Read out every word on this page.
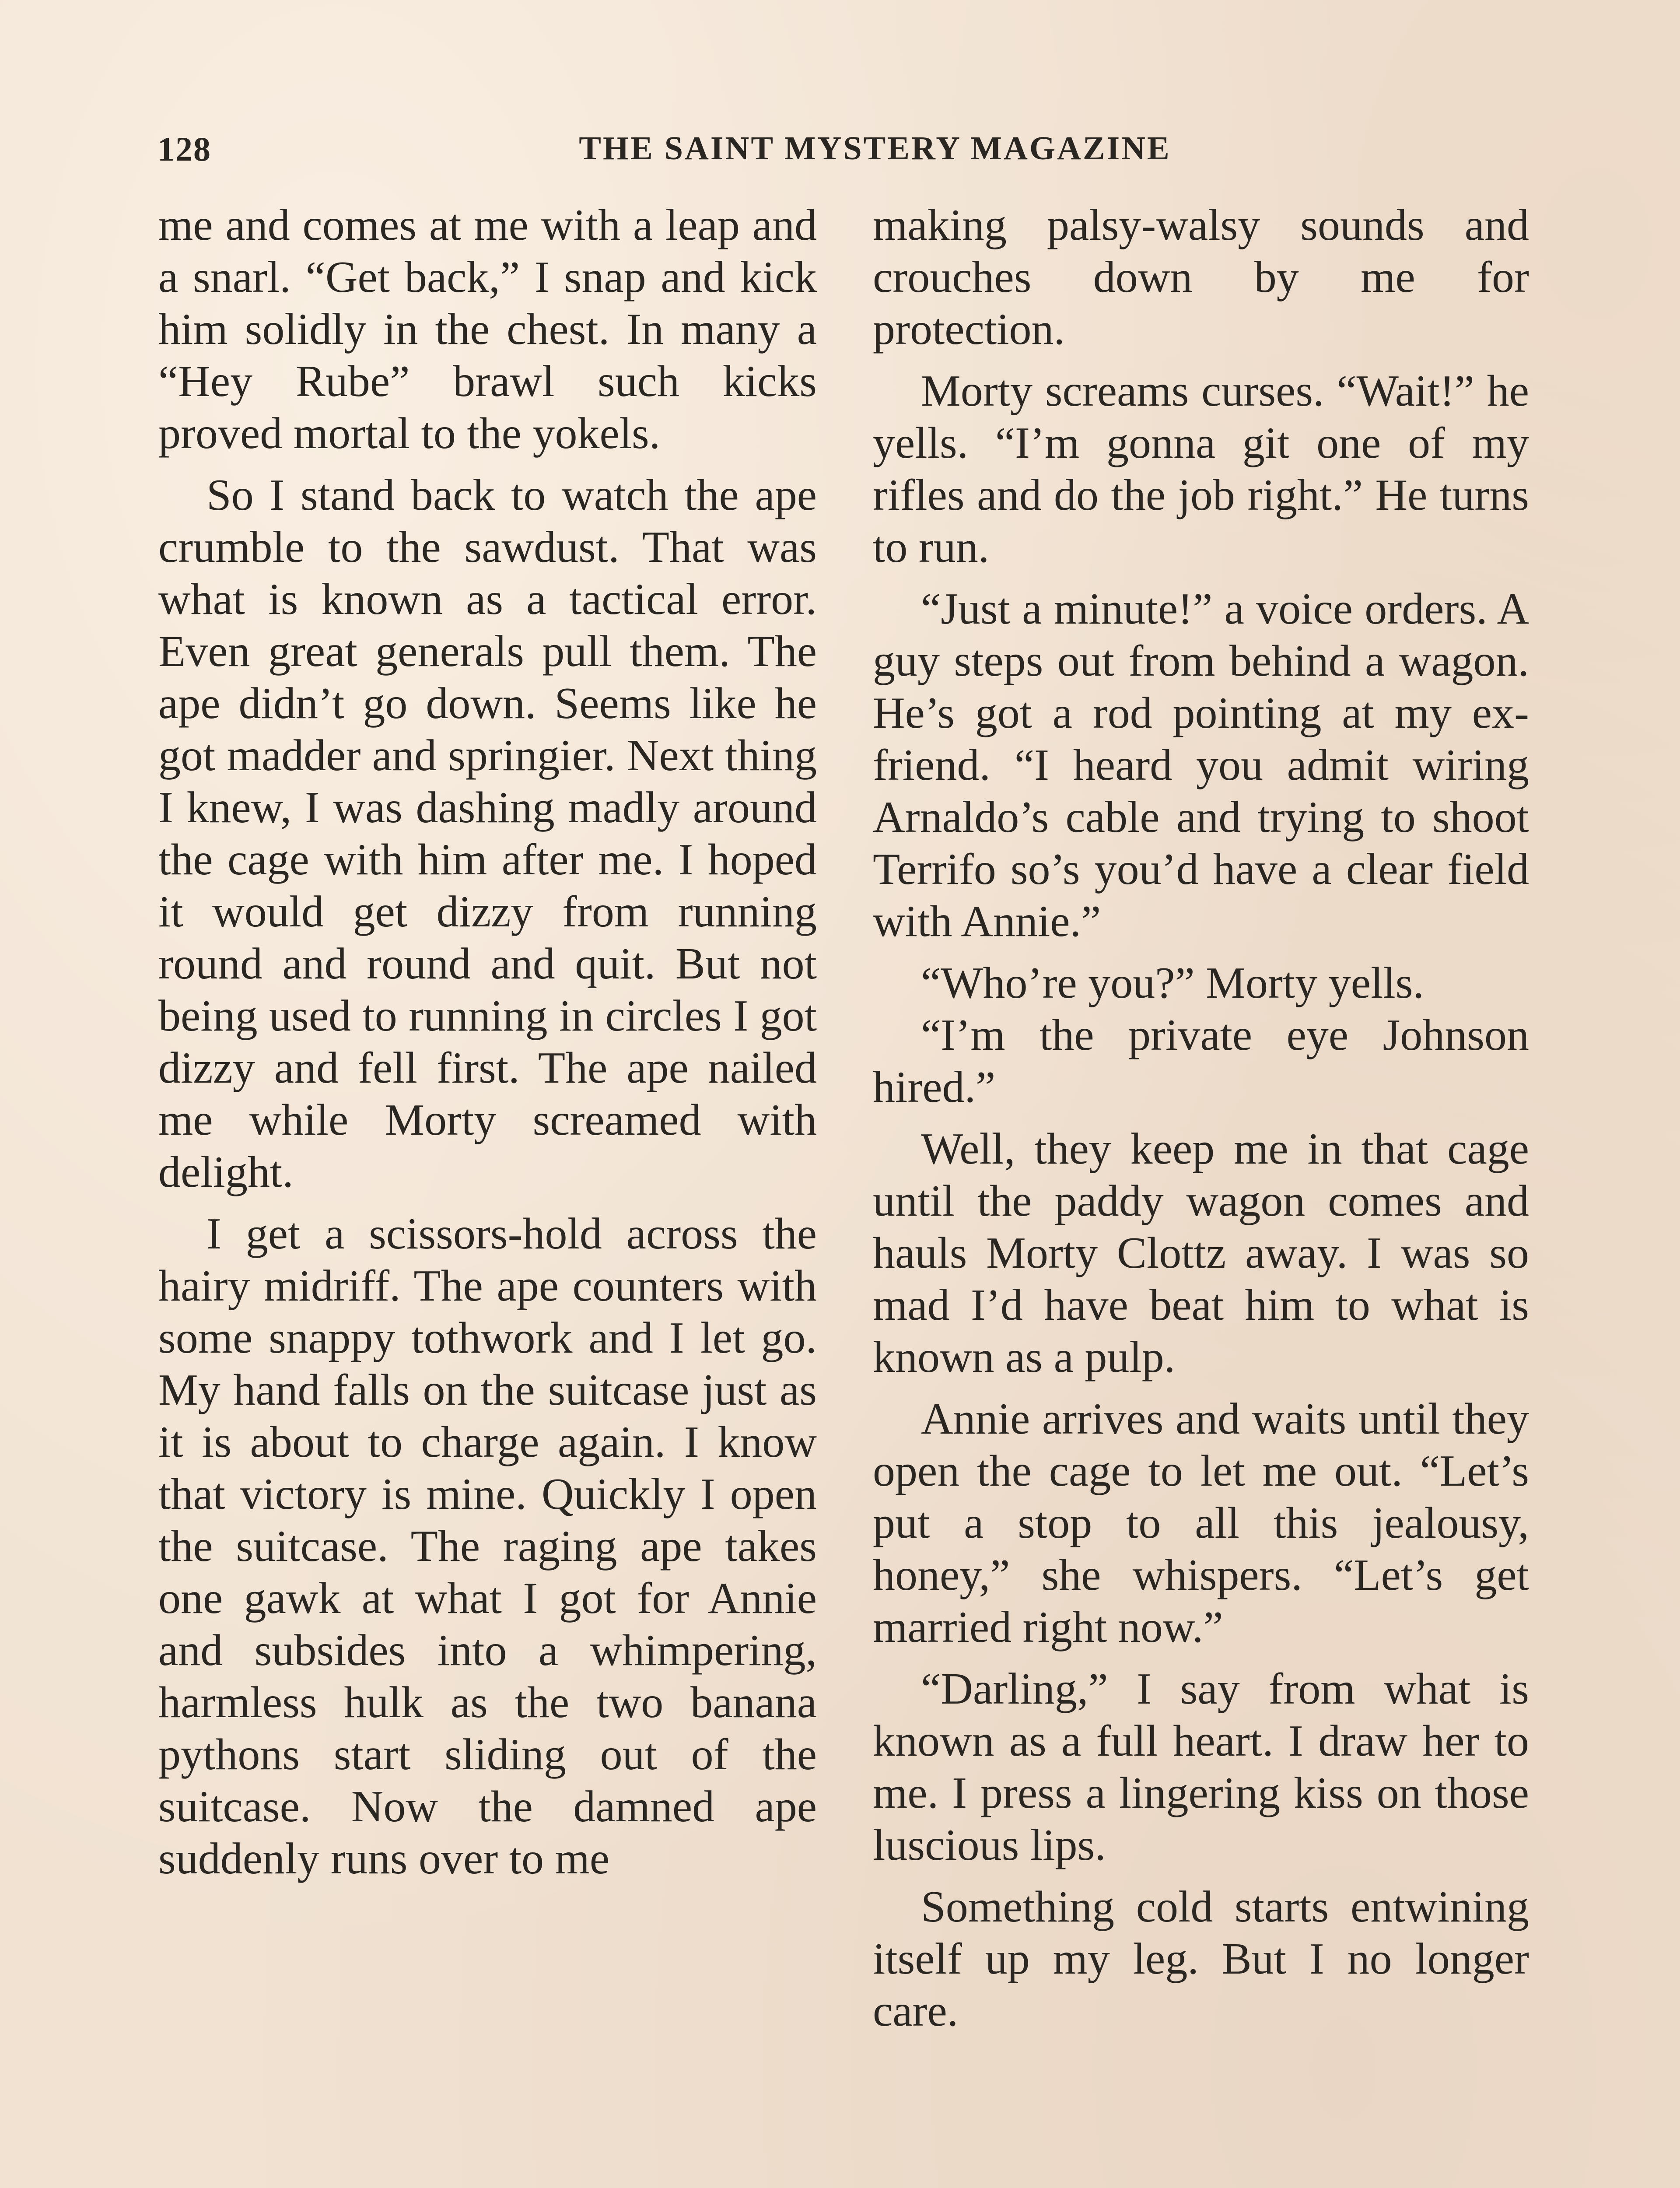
128	THE SAINT MYSTERY MAGAZINE

me and comes at me with a leap and a snarl. “Get back,” I snap and kick him solidly in the chest. In many a “Hey Rube” brawl such kicks proved mortal to the yokels.

So I stand back to watch the ape crumble to the sawdust. That was what is known as a tactical error. Even great generals pull them. The ape didn’t go down. Seems like he got madder and springier. Next thing I knew, I was dashing madly around the cage with him after me. I hoped it would get dizzy from running round and round and quit. But not being used to running in circles I got dizzy and fell first. The ape nailed me while Morty screamed with delight.

I get a scissors-hold across the hairy midriff. The ape counters with some snappy tothwork and I let go. My hand falls on the suitcase just as it is about to charge again. I know that victory is mine. Quickly I open the suitcase. The raging ape takes one gawk at what I got for Annie and subsides into a whimpering, harmless hulk as the two banana pythons start sliding out of the suitcase. Now the damned ape suddenly runs over to me

making palsy-walsy sounds and crouches down by me for protection.

Morty screams curses. “Wait!” he yells. “I’m gonna git one of my rifles and do the job right.” He turns to run.

“Just a minute!” a voice orders. A guy steps out from behind a wagon. He’s got a rod pointing at my ex-friend. “I heard you admit wiring Arnaldo’s cable and trying to shoot Terrifo so’s you’d have a clear field with Annie.”

“Who’re you?” Morty yells.

“I’m the private eye Johnson hired.”

Well, they keep me in that cage until the paddy wagon comes and hauls Morty Clottz away. I was so mad I’d have beat him to what is known as a pulp.

Annie arrives and waits until they open the cage to let me out. “Let’s put a stop to all this jealousy, honey,” she whispers. “Let’s get married right now.”

“Darling,” I say from what is known as a full heart. I draw her to me. I press a lingering kiss on those luscious lips.

Something cold starts entwining itself up my leg. But I no longer care.
